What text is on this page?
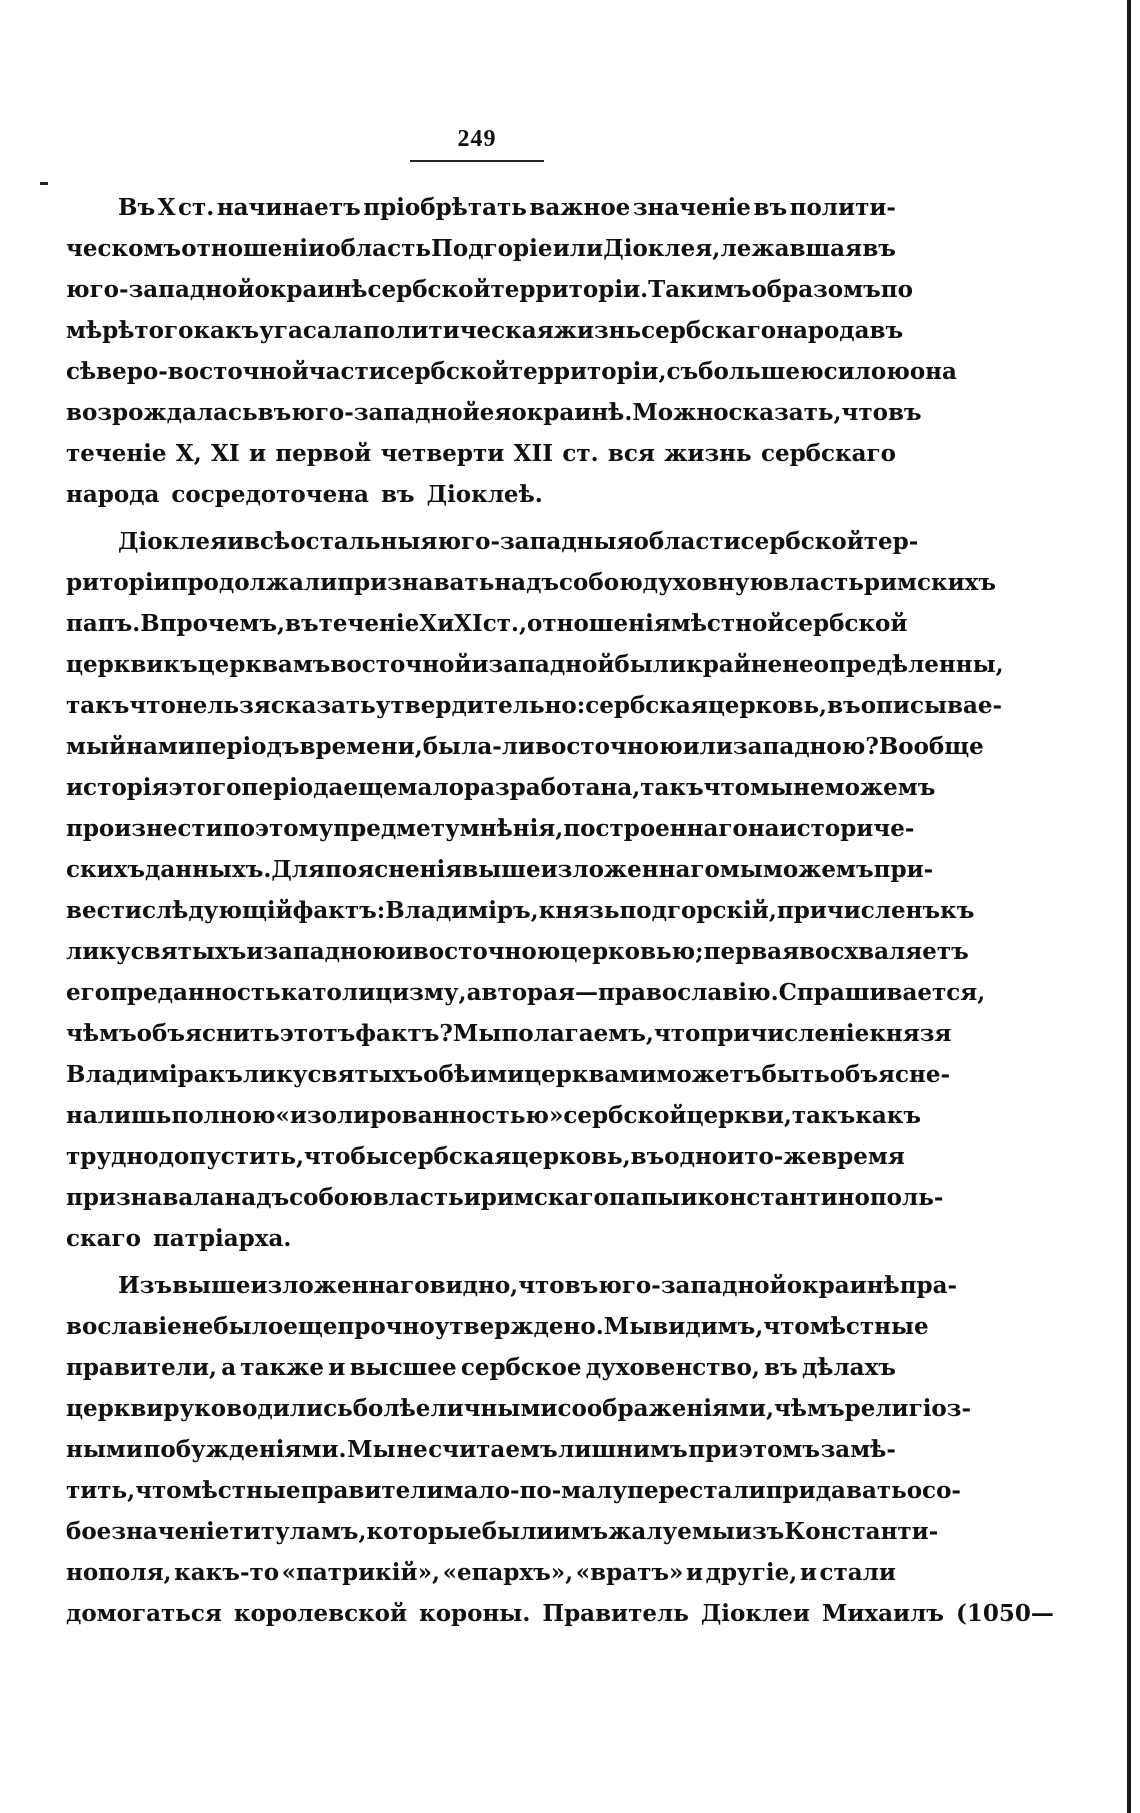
249
Въ X ст. начинаетъ пріобрѣтать важное значеніе въ полити-
ческомъ отношеніи область Подгоріе или Діоклея, лежавшая въ
юго-западной окраинѣ сербской территоріи. Такимъ образомъ по
мѣрѣ того какъ угасала политическая жизнь сербскаго народа въ
сѣверо-восточной части сербской территоріи, съ большею силою она
возрождалась въ юго-западной ея окраинѣ. Можно сказать, что въ
теченіе X, XI и первой четверти XII ст. вся жизнь сербскаго
народа сосредоточена въ Діоклеѣ.
Діоклея и всѣ остальныя юго-западныя области сербской тер-
риторіи продолжали признавать надъ собою духовную власть римскихъ
папъ. Впрочемъ, въ теченіе X и XI ст., отношенія мѣстной сербской
церкви къ церквамъ восточной и западной были крайне неопредѣленны,
такъ что нельзя сказать утвердительно: сербская церковь, въ описывае-
мый нами періодъ времени, была-ли восточною или западною? Вообще
исторія этого періода еще мало разработана, такъ что мы не можемъ
произнести по этому предмету мнѣнія, построеннаго на историче-
скихъ данныхъ. Для поясненія вышеизложеннаго мы можемъ при-
вести слѣдующій фактъ: Владиміръ, князь подгорскій, причисленъ къ
лику святыхъ и западною и восточною церковью; первая восхваляетъ
его преданность католицизму, а вторая — православію. Спрашивается,
чѣмъ объяснить этотъ фактъ? Мы полагаемъ, что причисленіе князя
Владиміра къ лику святыхъ обѣими церквами можетъ быть объясне-
на лишь полною «изолированностью» сербской церкви, такъ какъ
трудно допустить, чтобы сербская церковь, въ одно и то-же время
признавала надъ собою власть и римскаго папы и константинополь-
скаго патріарха.
Изъ вышеизложеннаго видно, что въ юго-западной окраинѣ пра-
вославіе не было еще прочно утверждено. Мы видимъ, что мѣстные
правители, а также и высшее сербское духовенство, въ дѣлахъ
церкви руководились болѣе личными соображеніями, чѣмъ религіоз-
ными побужденіями. Мы не считаемъ лишнимъ при этомъ замѣ-
тить, что мѣстные правители мало-по-малу перестали придавать осо-
бое значеніе титуламъ, которые были имъ жалуемы изъ Константи-
нополя, какъ-то «патрикій», «епархъ», «вратъ» и другіе, и стали
домогаться королевской короны. Правитель Діоклеи Михаилъ (1050—
